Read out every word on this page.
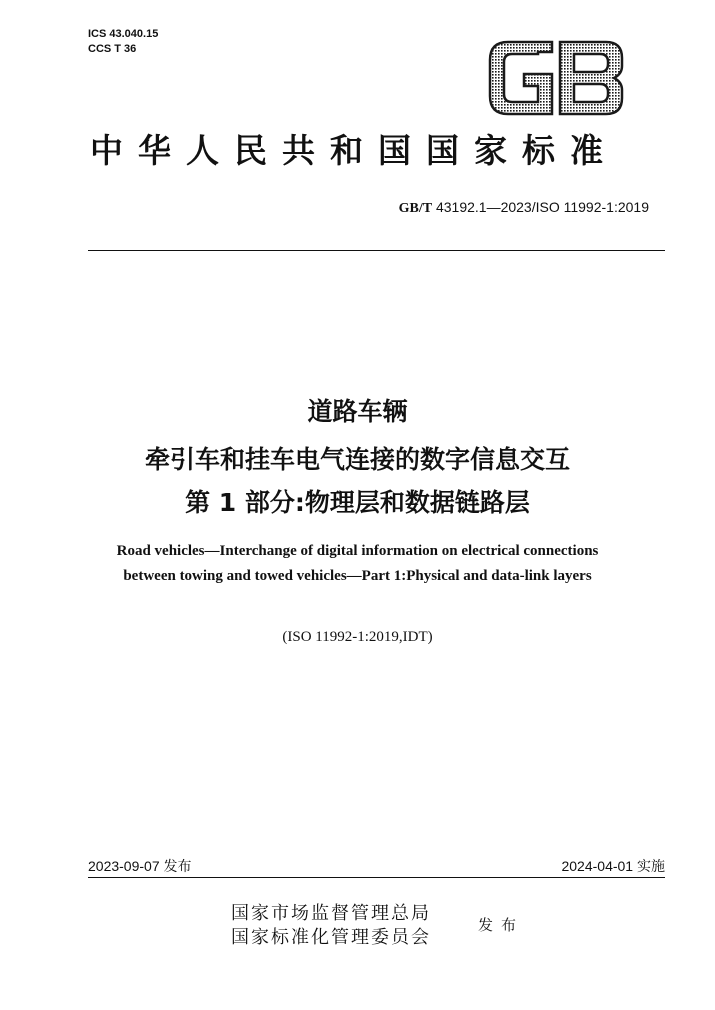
ICS 43.040.15
CCS T 36
中华人民共和国国家标准
GB/T 43192.1—2023/ISO 11992-1:2019
道路车辆
牵引车和挂车电气连接的数字信息交互
第 1 部分:物理层和数据链路层
Road vehicles—Interchange of digital information on electrical connections
between towing and towed vehicles—Part 1:Physical and data-link layers
(ISO 11992-1:2019,IDT)
2023-09-07 发布	2024-04-01 实施
国家市场监督管理总局
国家标准化管理委员会
发布
